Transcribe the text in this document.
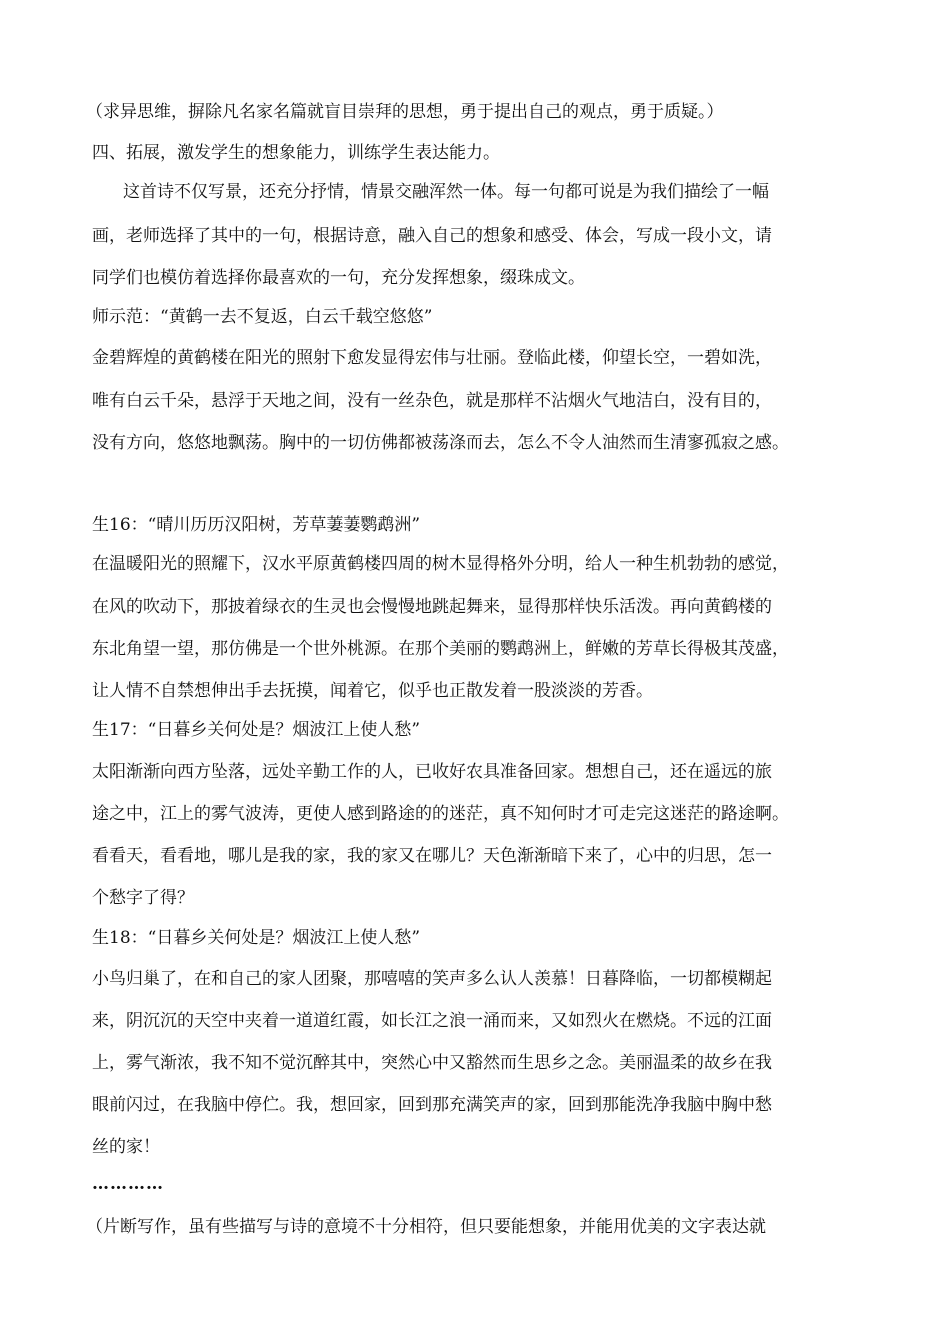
（求异思维，摒除凡名家名篇就盲目崇拜的思想，勇于提出自己的观点，勇于质疑。）

四、拓展，激发学生的想象能力，训练学生表达能力。

这首诗不仅写景，还充分抒情，情景交融浑然一体。每一句都可说是为我们描绘了一幅

画，老师选择了其中的一句，根据诗意，融入自己的想象和感受、体会，写成一段小文，请

同学们也模仿着选择你最喜欢的一句，充分发挥想象，缀珠成文。

师示范：“黄鹤一去不复返，白云千载空悠悠”

金碧辉煌的黄鹤楼在阳光的照射下愈发显得宏伟与壮丽。登临此楼，仰望长空，一碧如洗，

唯有白云千朵，悬浮于天地之间，没有一丝杂色，就是那样不沾烟火气地洁白，没有目的，

没有方向，悠悠地飘荡。胸中的一切仿佛都被荡涤而去，怎么不令人油然而生清寥孤寂之感。

生16：“晴川历历汉阳树，芳草萋萋鹦鹉洲”

在温暖阳光的照耀下，汉水平原黄鹤楼四周的树木显得格外分明，给人一种生机勃勃的感觉，

在风的吹动下，那披着绿衣的生灵也会慢慢地跳起舞来，显得那样快乐活泼。再向黄鹤楼的

东北角望一望，那仿佛是一个世外桃源。在那个美丽的鹦鹉洲上，鲜嫩的芳草长得极其茂盛，

让人情不自禁想伸出手去抚摸，闻着它，似乎也正散发着一股淡淡的芳香。

生17：“日暮乡关何处是？烟波江上使人愁”

太阳渐渐向西方坠落，远处辛勤工作的人，已收好农具准备回家。想想自己，还在遥远的旅

途之中，江上的雾气波涛，更使人感到路途的的迷茫，真不知何时才可走完这迷茫的路途啊。

看看天，看看地，哪儿是我的家，我的家又在哪儿？天色渐渐暗下来了，心中的归思，怎一

个愁字了得？

生18：“日暮乡关何处是？烟波江上使人愁”

小鸟归巢了，在和自己的家人团聚，那嘻嘻的笑声多么认人羡慕！日暮降临，一切都模糊起

来，阴沉沉的天空中夹着一道道红霞，如长江之浪一涌而来，又如烈火在燃烧。不远的江面

上，雾气渐浓，我不知不觉沉醉其中，突然心中又豁然而生思乡之念。美丽温柔的故乡在我

眼前闪过，在我脑中停伫。我，想回家，回到那充满笑声的家，回到那能洗净我脑中胸中愁

丝的家！

…………

（片断写作，虽有些描写与诗的意境不十分相符，但只要能想象，并能用优美的文字表达就
